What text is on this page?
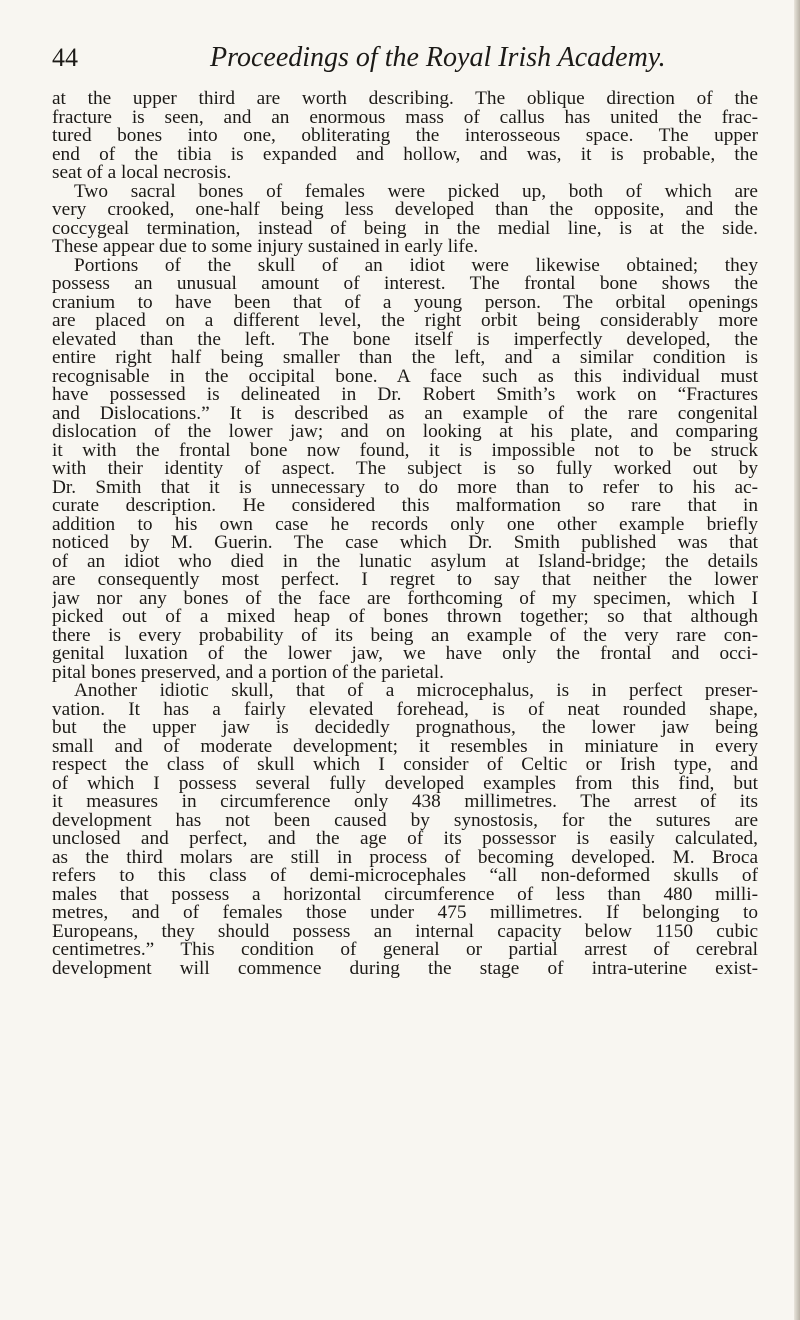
44	Proceedings of the Royal Irish Academy.
at the upper third are worth describing. The oblique direction of the
fracture is seen, and an enormous mass of callus has united the frac-
tured bones into one, obliterating the interosseous space. The upper
end of the tibia is expanded and hollow, and was, it is probable, the
seat of a local necrosis.
Two sacral bones of females were picked up, both of which are
very crooked, one-half being less developed than the opposite, and the
coccygeal termination, instead of being in the medial line, is at the side.
These appear due to some injury sustained in early life.
Portions of the skull of an idiot were likewise obtained; they
possess an unusual amount of interest. The frontal bone shows the
cranium to have been that of a young person. The orbital openings
are placed on a different level, the right orbit being considerably more
elevated than the left. The bone itself is imperfectly developed, the
entire right half being smaller than the left, and a similar condition is
recognisable in the occipital bone. A face such as this individual must
have possessed is delineated in Dr. Robert Smith’s work on “Fractures
and Dislocations.” It is described as an example of the rare congenital
dislocation of the lower jaw; and on looking at his plate, and comparing
it with the frontal bone now found, it is impossible not to be struck
with their identity of aspect. The subject is so fully worked out by
Dr. Smith that it is unnecessary to do more than to refer to his ac-
curate description. He considered this malformation so rare that in
addition to his own case he records only one other example briefly
noticed by M. Guerin. The case which Dr. Smith published was that
of an idiot who died in the lunatic asylum at Island-bridge; the details
are consequently most perfect. I regret to say that neither the lower
jaw nor any bones of the face are forthcoming of my specimen, which I
picked out of a mixed heap of bones thrown together; so that although
there is every probability of its being an example of the very rare con-
genital luxation of the lower jaw, we have only the frontal and occi-
pital bones preserved, and a portion of the parietal.
Another idiotic skull, that of a microcephalus, is in perfect preser-
vation. It has a fairly elevated forehead, is of neat rounded shape,
but the upper jaw is decidedly prognathous, the lower jaw being
small and of moderate development; it resembles in miniature in every
respect the class of skull which I consider of Celtic or Irish type, and
of which I possess several fully developed examples from this find, but
it measures in circumference only 438 millimetres. The arrest of its
development has not been caused by synostosis, for the sutures are
unclosed and perfect, and the age of its possessor is easily calculated,
as the third molars are still in process of becoming developed. M. Broca
refers to this class of demi-microcephales “all non-deformed skulls of
males that possess a horizontal circumference of less than 480 milli-
metres, and of females those under 475 millimetres. If belonging to
Europeans, they should possess an internal capacity below 1150 cubic
centimetres.” This condition of general or partial arrest of cerebral
development will commence during the stage of intra-uterine exist-
